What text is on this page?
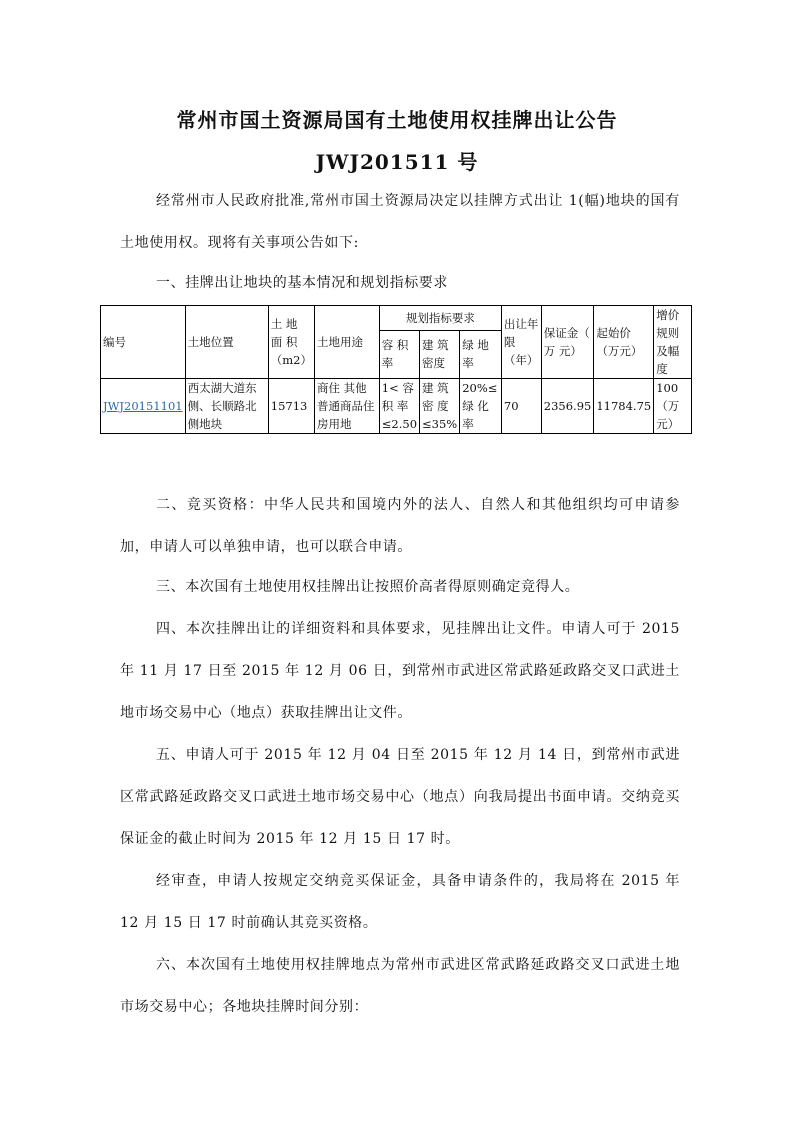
常州市国土资源局国有土地使用权挂牌出让公告
JWJ201511 号
经常州市人民政府批准,常州市国土资源局决定以挂牌方式出让 1(幅)地块的国有土地使用权。现将有关事项公告如下:
一、挂牌出让地块的基本情况和规划指标要求
编号	土地位置	土 地 面 积 （m2）	土地用途	规划指标要求			出让年限（年）	保证金（ 万 元）	起始价（万元）	增价规则及幅度
				容 积 率	建 筑 密度	绿 地 率				
JWJ20151101	西太湖大道东侧、长顺路北侧地块	15713	商住 其他普通商品住房用地	1< 容 积 率 ≤2.50	建 筑 密 度 ≤35%	20%≤ 绿 化 率	70	2356.95	11784.75	100 （万元）
二、竞买资格：中华人民共和国境内外的法人、自然人和其他组织均可申请参加，申请人可以单独申请，也可以联合申请。
三、本次国有土地使用权挂牌出让按照价高者得原则确定竞得人。
四、本次挂牌出让的详细资料和具体要求，见挂牌出让文件。申请人可于 2015 年 11 月 17 日至 2015 年 12 月 06 日，到常州市武进区常武路延政路交叉口武进土地市场交易中心（地点）获取挂牌出让文件。
五、申请人可于 2015 年 12 月 04 日至 2015 年 12 月 14 日，到常州市武进区常武路延政路交叉口武进土地市场交易中心（地点）向我局提出书面申请。交纳竞买保证金的截止时间为 2015 年 12 月 15 日 17 时。
经审查，申请人按规定交纳竞买保证金，具备申请条件的，我局将在 2015 年 12 月 15 日 17 时前确认其竞买资格。
六、本次国有土地使用权挂牌地点为常州市武进区常武路延政路交叉口武进土地市场交易中心；各地块挂牌时间分别：
